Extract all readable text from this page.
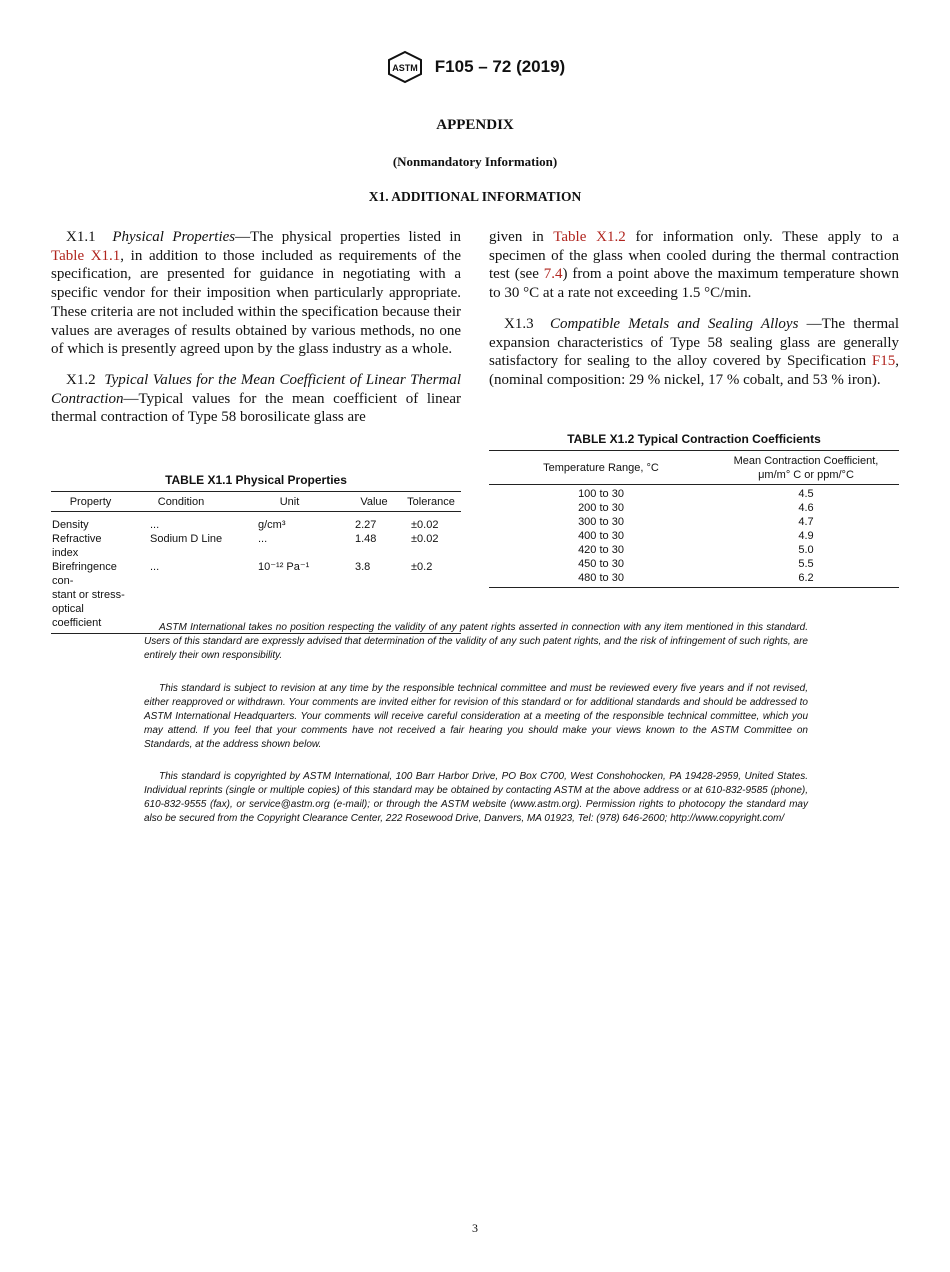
ASTM F105 – 72 (2019)
APPENDIX
(Nonmandatory Information)
X1. ADDITIONAL INFORMATION

X1.1 Physical Properties—The physical properties listed in Table X1.1, in addition to those included as requirements of the specification, are presented for guidance in negotiating with a specific vendor for their imposition when particularly appropriate. These criteria are not included within the specification because their values are averages of results obtained by various methods, no one of which is presently agreed upon by the glass industry as a whole.

X1.2 Typical Values for the Mean Coefficient of Linear Thermal Contraction—Typical values for the mean coefficient of linear thermal contraction of Type 58 borosilicate glass are

given in Table X1.2 for information only. These apply to a specimen of the glass when cooled during the thermal contraction test (see 7.4) from a point above the maximum temperature shown to 30 °C at a rate not exceeding 1.5 °C/min.

X1.3 Compatible Metals and Sealing Alloys —The thermal expansion characteristics of Type 58 sealing glass are generally satisfactory for sealing to the alloy covered by Specification F15, (nominal composition: 29 % nickel, 17 % cobalt, and 53 % iron).

TABLE X1.1 Physical Properties
Property	Condition	Unit	Value	Tolerance
Density	...	g/cm³	2.27	±0.02
Refractive index	Sodium D Line	...	1.48	±0.02
Birefringence con-	...	10⁻¹² Pa⁻¹	3.8	±0.2
stant or stress-				
optical coefficient				
TABLE X1.2 Typical Contraction Coefficients
Temperature Range, °C	Mean Contraction Coefficient,
μm/m° C or ppm/°C
100 to 30	4.5
200 to 30	4.6
300 to 30	4.7
400 to 30	4.9
420 to 30	5.0
450 to 30	5.5
480 to 30	6.2

ASTM International takes no position respecting the validity of any patent rights asserted in connection with any item mentioned in this standard. Users of this standard are expressly advised that determination of the validity of any such patent rights, and the risk of infringement of such rights, are entirely their own responsibility.

This standard is subject to revision at any time by the responsible technical committee and must be reviewed every five years and if not revised, either reapproved or withdrawn. Your comments are invited either for revision of this standard or for additional standards and should be addressed to ASTM International Headquarters. Your comments will receive careful consideration at a meeting of the responsible technical committee, which you may attend. If you feel that your comments have not received a fair hearing you should make your views known to the ASTM Committee on Standards, at the address shown below.

This standard is copyrighted by ASTM International, 100 Barr Harbor Drive, PO Box C700, West Conshohocken, PA 19428-2959, United States. Individual reprints (single or multiple copies) of this standard may be obtained by contacting ASTM at the above address or at 610-832-9585 (phone), 610-832-9555 (fax), or service@astm.org (e-mail); or through the ASTM website (www.astm.org). Permission rights to photocopy the standard may also be secured from the Copyright Clearance Center, 222 Rosewood Drive, Danvers, MA 01923, Tel: (978) 646-2600; http://www.copyright.com/

3
